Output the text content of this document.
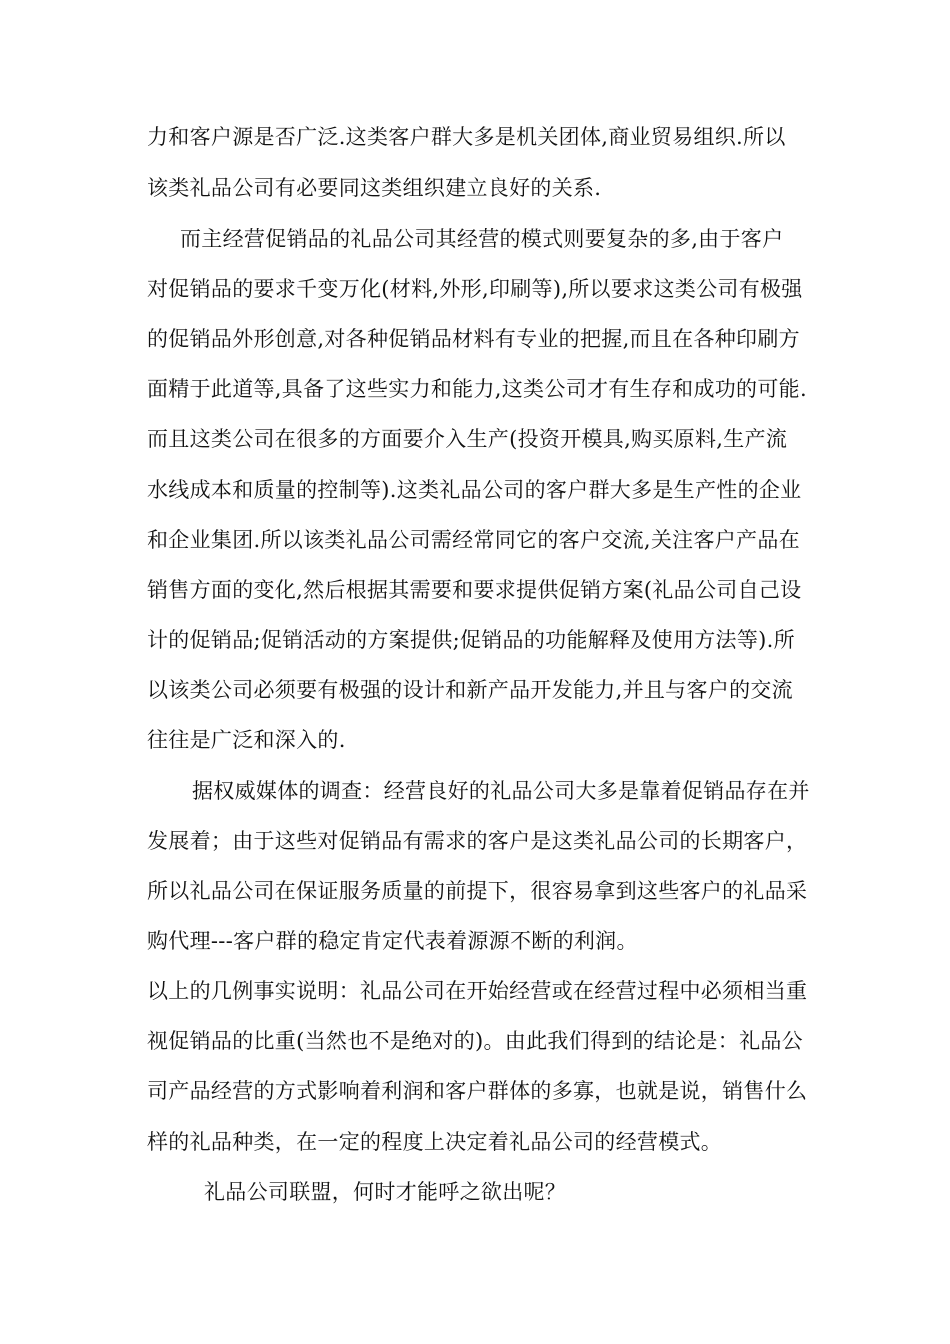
力和客户源是否广泛.这类客户群大多是机关团体,商业贸易组织.所以
该类礼品公司有必要同这类组织建立良好的关系.
而主经营促销品的礼品公司其经营的模式则要复杂的多,由于客户
对促销品的要求千变万化(材料,外形,印刷等),所以要求这类公司有极强
的促销品外形创意,对各种促销品材料有专业的把握,而且在各种印刷方
面精于此道等,具备了这些实力和能力,这类公司才有生存和成功的可能.
而且这类公司在很多的方面要介入生产(投资开模具,购买原料,生产流
水线成本和质量的控制等).这类礼品公司的客户群大多是生产性的企业
和企业集团.所以该类礼品公司需经常同它的客户交流,关注客户产品在
销售方面的变化,然后根据其需要和要求提供促销方案(礼品公司自己设
计的促销品;促销活动的方案提供;促销品的功能解释及使用方法等).所
以该类公司必须要有极强的设计和新产品开发能力,并且与客户的交流
往往是广泛和深入的.
据权威媒体的调查：经营良好的礼品公司大多是靠着促销品存在并
发展着；由于这些对促销品有需求的客户是这类礼品公司的长期客户，
所以礼品公司在保证服务质量的前提下，很容易拿到这些客户的礼品采
购代理---客户群的稳定肯定代表着源源不断的利润。
以上的几例事实说明：礼品公司在开始经营或在经营过程中必须相当重
视促销品的比重(当然也不是绝对的)。由此我们得到的结论是：礼品公
司产品经营的方式影响着利润和客户群体的多寡，也就是说，销售什么
样的礼品种类，在一定的程度上决定着礼品公司的经营模式。
礼品公司联盟，何时才能呼之欲出呢？
